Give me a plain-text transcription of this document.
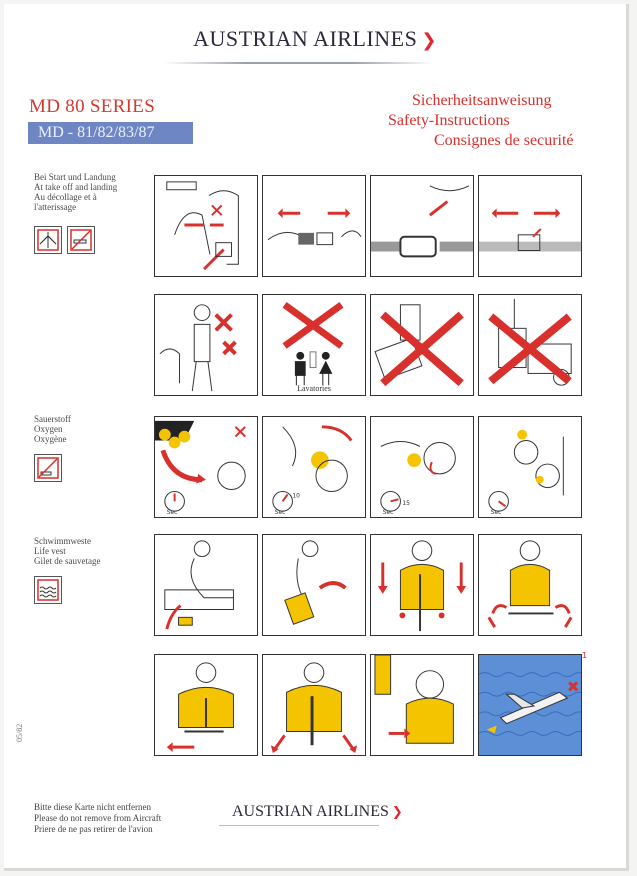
AUSTRIAN AIRLINES ❯
MD 80 SERIES
MD - 81/82/83/87
Sicherheitsanweisung
Safety-Instructions
Consignes de securité
Bei Start und Landung
At take off and landing
Au décollage et à
l'atterissage
Sauerstoff
Oxygen
Oxygène
Schwimmweste
Life vest
Gilet de sauvetage
Lavatories
Sec	Sec
10
Sec
15
Sec
1
05/82
Bitte diese Karte nicht entfernen
Please do not remove from Aircraft
Priere de ne pas retirer de l'avion
AUSTRIAN AIRLINES ❯
